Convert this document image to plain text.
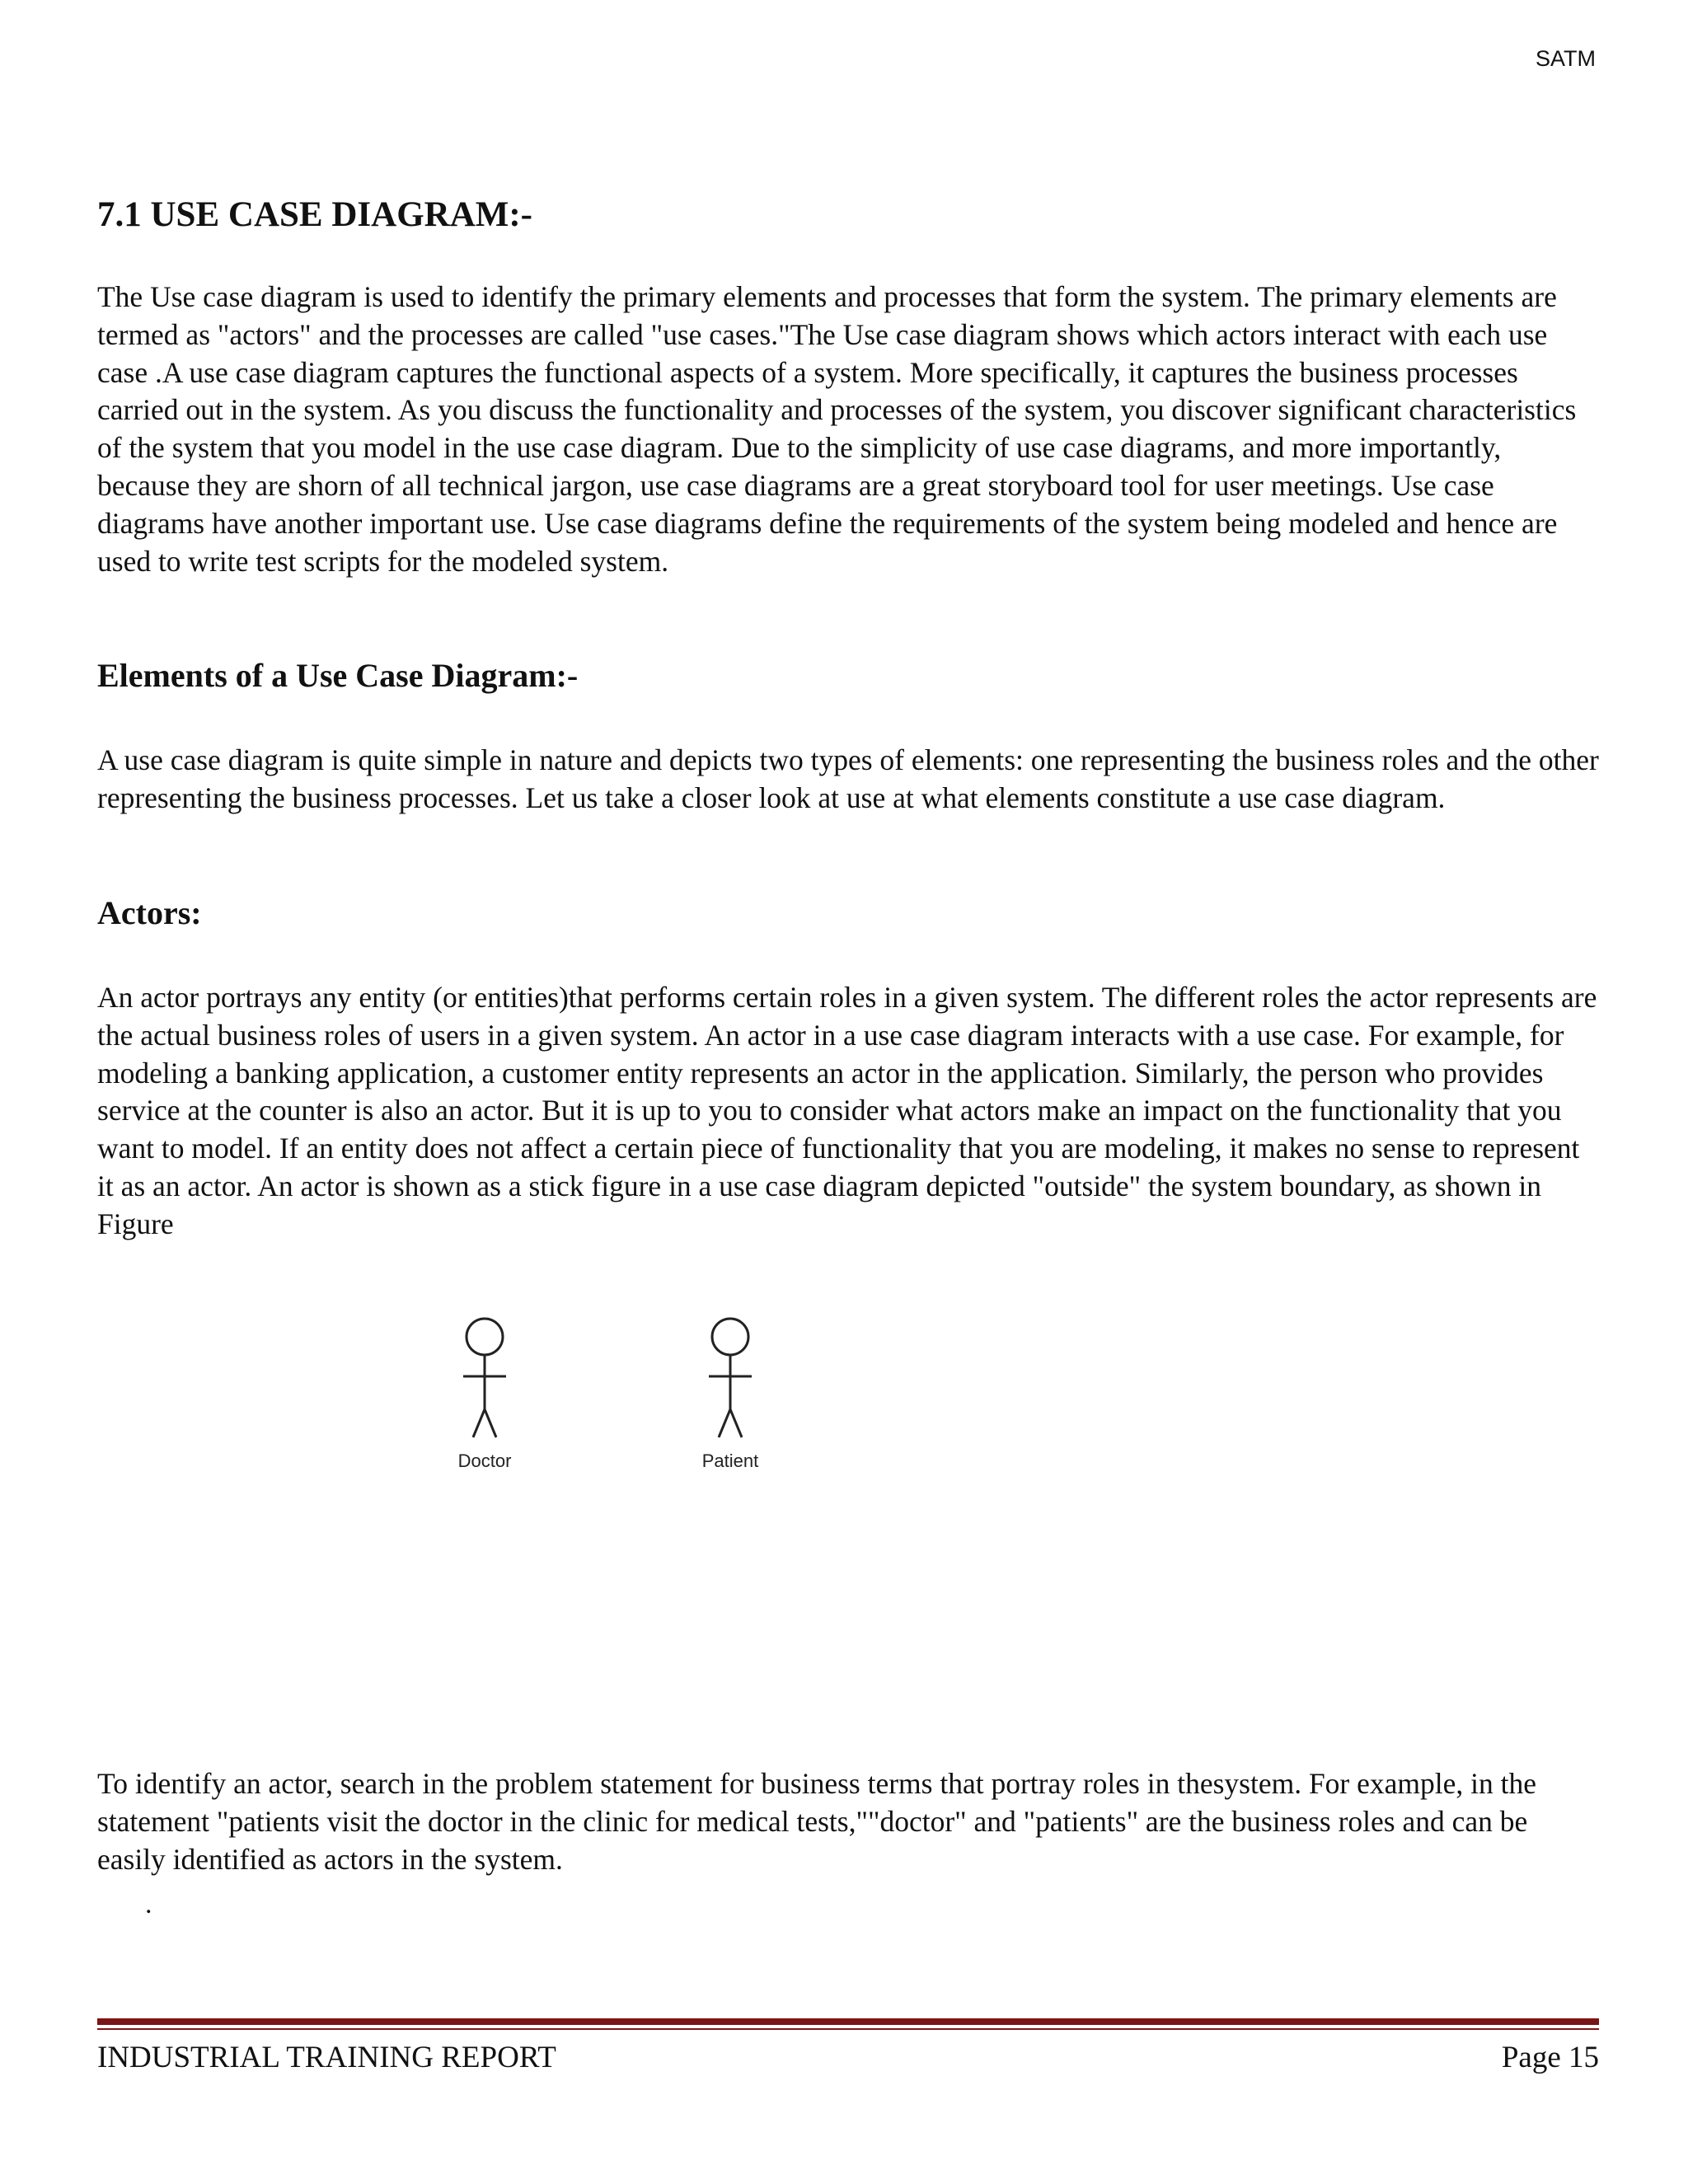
SATM
7.1 USE CASE DIAGRAM:-

The Use case diagram is used to identify the primary elements and processes that form the system. The primary elements are termed as "actors" and the processes are called "use cases."The Use case diagram shows which actors interact with each use case .A use case diagram captures the functional aspects of a system. More specifically, it captures the business processes carried out in the system. As you discuss the functionality and processes of the system, you discover significant characteristics of the system that you model in the use case diagram. Due to the simplicity of use case diagrams, and more importantly, because they are shorn of all technical jargon, use case diagrams are a great storyboard tool for user meetings. Use case diagrams have another important use. Use case diagrams define the requirements of the system being modeled and hence are used to write test scripts for the modeled system.

Elements of a Use Case Diagram:-

A use case diagram is quite simple in nature and depicts two types of elements: one representing the business roles and the other representing the business processes. Let us take a closer look at use at what elements constitute a use case diagram.

Actors:

An actor portrays any entity (or entities)that performs certain roles in a given system. The different roles the actor represents are the actual business roles of users in a given system. An actor in a use case diagram interacts with a use case. For example, for modeling a banking application, a customer entity represents an actor in the application. Similarly, the person who provides service at the counter is also an actor. But it is up to you to consider what actors make an impact on the functionality that you want to model. If an entity does not affect a certain piece of functionality that you are modeling, it makes no sense to represent it as an actor. An actor is shown as a stick figure in a use case diagram depicted "outside" the system boundary, as shown in Figure

To identify an actor, search in the problem statement for business terms that portray roles in thesystem. For example, in the statement "patients visit the doctor in the clinic for medical tests,""doctor" and "patients" are the business roles and can be easily identified as actors in the system.

Doctor	Patient
.
INDUSTRIAL TRAINING REPORT	Page 15
